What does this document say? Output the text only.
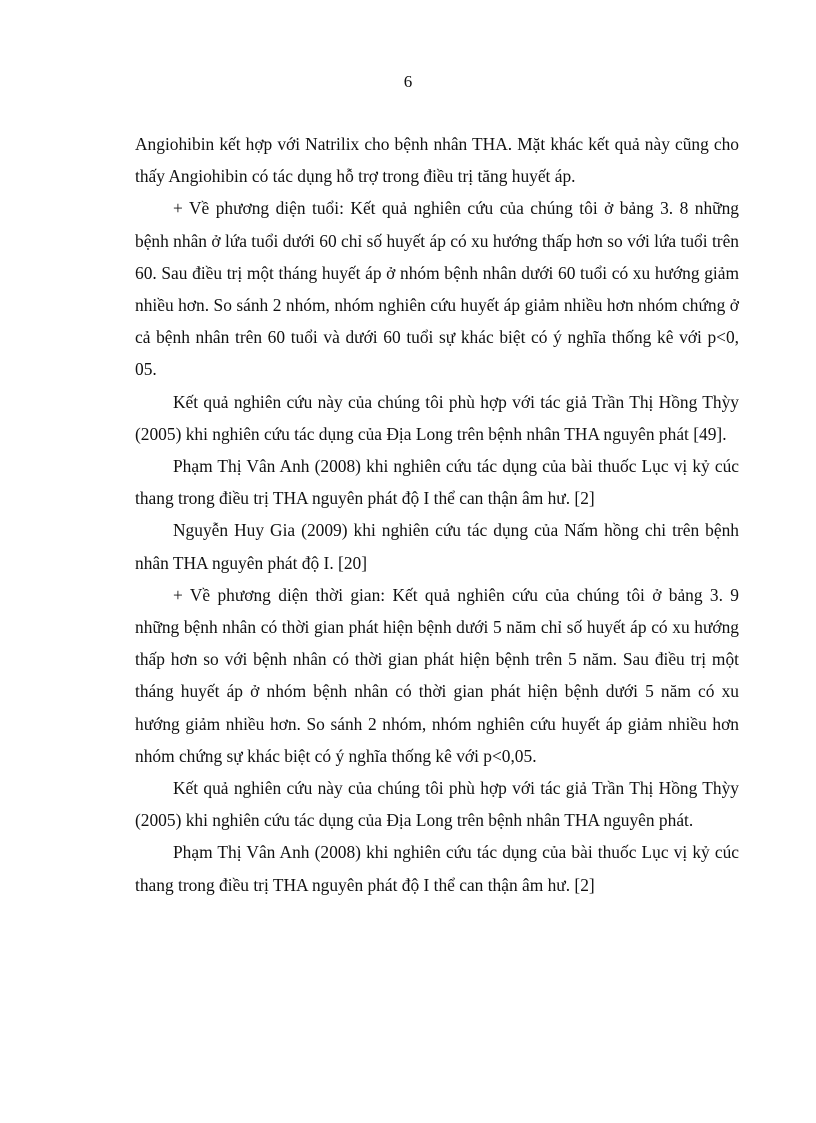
6

Angiohibin kết hợp với Natrilix cho bệnh nhân THA. Mặt khác kết quả này cũng cho thấy Angiohibin có tác dụng hỗ trợ trong điều trị tăng huyết áp.

+ Về phương diện tuổi: Kết quả nghiên cứu của chúng tôi ở bảng 3. 8 những bệnh nhân ở lứa tuổi dưới 60 chỉ số huyết áp có xu hướng thấp hơn so với lứa tuổi trên 60. Sau điều trị một tháng huyết áp ở nhóm bệnh nhân dưới 60 tuổi có xu hướng giảm nhiều hơn. So sánh 2 nhóm, nhóm nghiên cứu huyết áp giảm nhiều hơn nhóm chứng ở cả bệnh nhân trên 60 tuổi và dưới 60 tuổi sự khác biệt có ý nghĩa thống kê với p<0, 05.

Kết quả nghiên cứu này của chúng tôi phù hợp với tác giả Trần Thị Hồng Thỳy (2005) khi nghiên cứu tác dụng của Địa Long trên bệnh nhân THA nguyên phát [49].

Phạm Thị Vân Anh (2008) khi nghiên cứu tác dụng của bài thuốc Lục vị kỷ cúc thang trong điều trị THA nguyên phát độ I thể can thận âm hư. [2]

Nguyễn Huy Gia (2009) khi nghiên cứu tác dụng của Nấm hồng chi trên bệnh nhân THA nguyên phát độ I. [20]

+ Về phương diện thời gian: Kết quả nghiên cứu của chúng tôi ở bảng 3. 9 những bệnh nhân có thời gian phát hiện bệnh dưới 5 năm chỉ số huyết áp có xu hướng thấp hơn so với bệnh nhân có thời gian phát hiện bệnh trên 5 năm. Sau điều trị một tháng huyết áp ở nhóm bệnh nhân có thời gian phát hiện bệnh dưới 5 năm có xu hướng giảm nhiều hơn. So sánh 2 nhóm, nhóm nghiên cứu huyết áp giảm nhiều hơn nhóm chứng sự khác biệt có ý nghĩa thống kê với p<0,05.

Kết quả nghiên cứu này của chúng tôi phù hợp với tác giả Trần Thị Hồng Thỳy (2005) khi nghiên cứu tác dụng của Địa Long trên bệnh nhân THA nguyên phát.

Phạm Thị Vân Anh (2008) khi nghiên cứu tác dụng của bài thuốc Lục vị kỷ cúc thang trong điều trị THA nguyên phát độ I thể can thận âm hư. [2]
